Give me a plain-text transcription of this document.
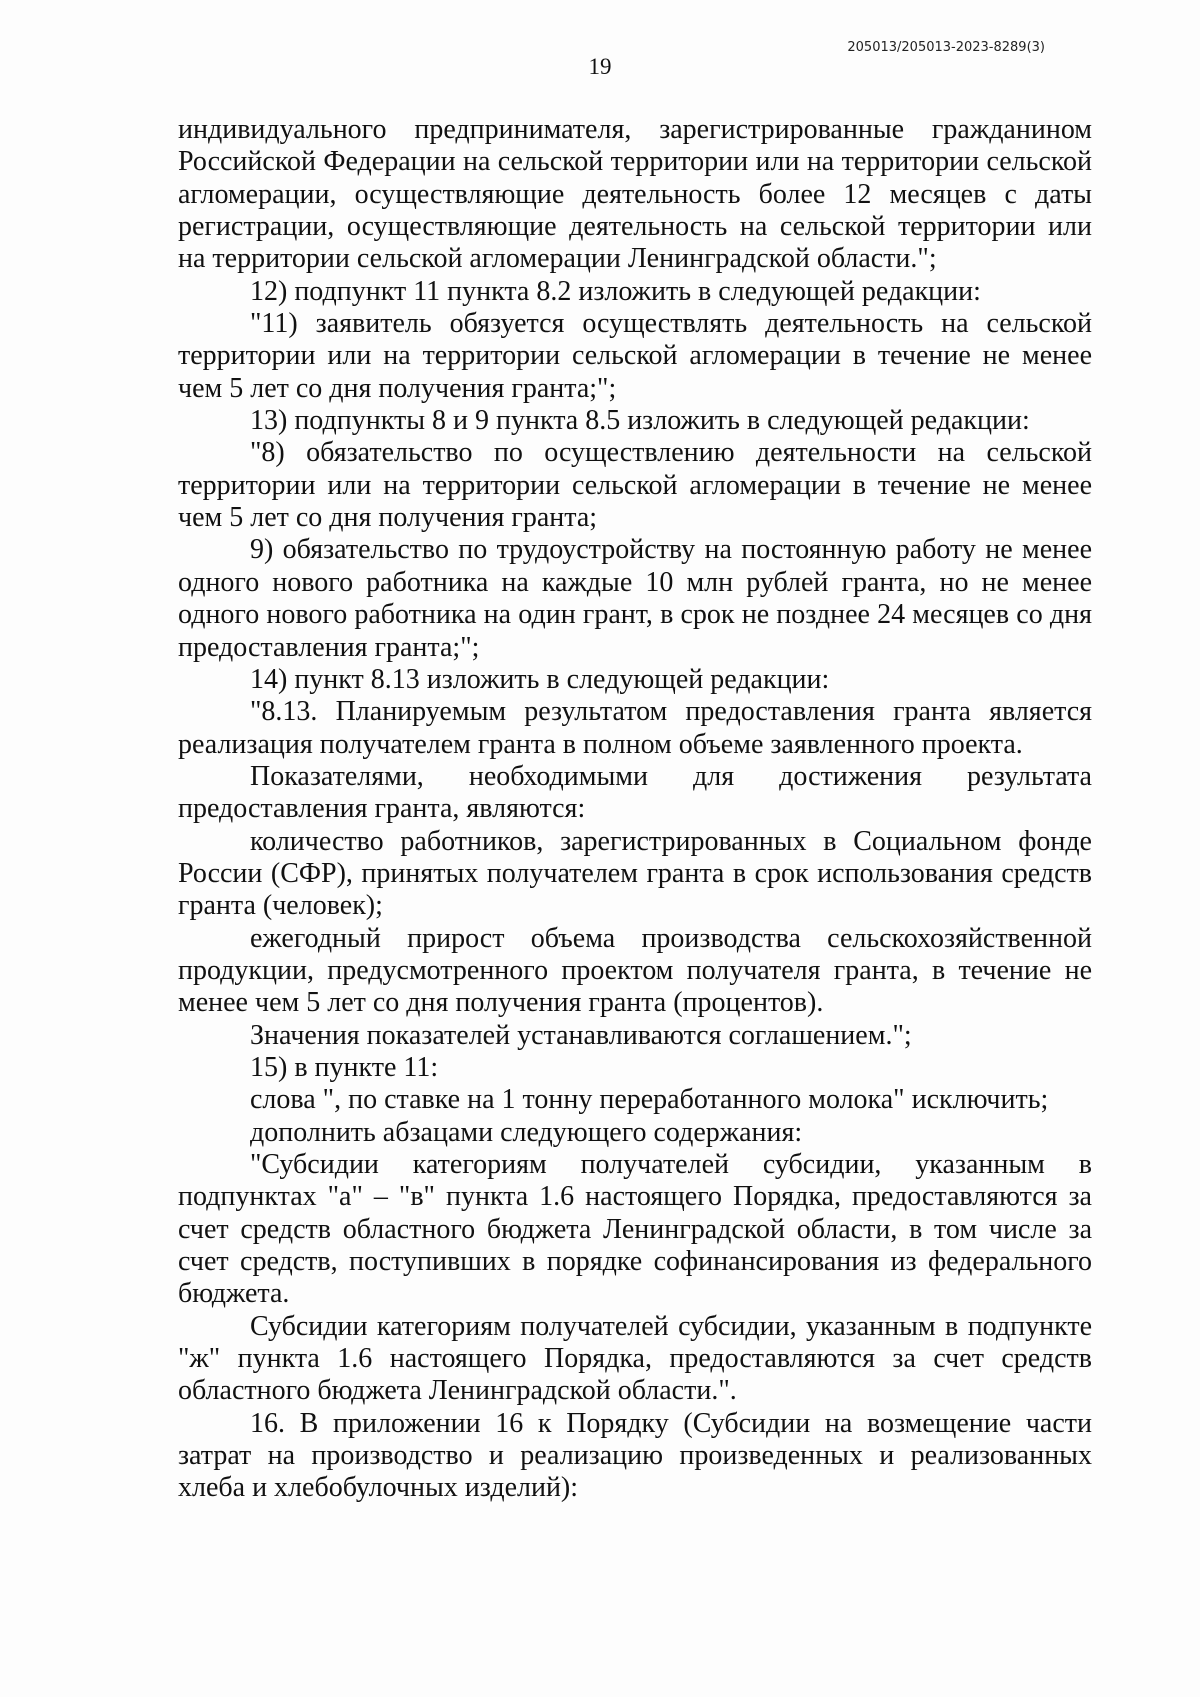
205013/205013-2023-8289(3)
19

индивидуального предпринимателя, зарегистрированные гражданином Российской Федерации на сельской территории или на территории сельской агломерации, осуществляющие деятельность более 12 месяцев с даты регистрации, осуществляющие деятельность на сельской территории или на территории сельской агломерации Ленинградской области.";

12) подпункт 11 пункта 8.2 изложить в следующей редакции:

"11) заявитель обязуется осуществлять деятельность на сельской территории или на территории сельской агломерации в течение не менее чем 5 лет со дня получения гранта;";

13) подпункты 8 и 9 пункта 8.5 изложить в следующей редакции:

"8) обязательство по осуществлению деятельности на сельской территории или на территории сельской агломерации в течение не менее чем 5 лет со дня получения гранта;

9) обязательство по трудоустройству на постоянную работу не менее одного нового работника на каждые 10 млн рублей гранта, но не менее одного нового работника на один грант, в срок не позднее 24 месяцев со дня предоставления гранта;";

14) пункт 8.13 изложить в следующей редакции:

"8.13. Планируемым результатом предоставления гранта является реализация получателем гранта в полном объеме заявленного проекта.

Показателями, необходимыми для достижения результата предоставления гранта, являются:

количество работников, зарегистрированных в Социальном фонде России (СФР), принятых получателем гранта в срок использования средств гранта (человек);

ежегодный прирост объема производства сельскохозяйственной продукции, предусмотренного проектом получателя гранта, в течение не менее чем 5 лет со дня получения гранта (процентов).

Значения показателей устанавливаются соглашением.";

15) в пункте 11:

слова ", по ставке на 1 тонну переработанного молока" исключить;

дополнить абзацами следующего содержания:

"Субсидии категориям получателей субсидии, указанным в подпунктах "а" – "в" пункта 1.6 настоящего Порядка, предоставляются за счет средств областного бюджета Ленинградской области, в том числе за счет средств, поступивших в порядке софинансирования из федерального бюджета.

Субсидии категориям получателей субсидии, указанным в подпункте "ж" пункта 1.6 настоящего Порядка, предоставляются за счет средств областного бюджета Ленинградской области.".

16. В приложении 16 к Порядку (Субсидии на возмещение части затрат на производство и реализацию произведенных и реализованных хлеба и хлебобулочных изделий):
